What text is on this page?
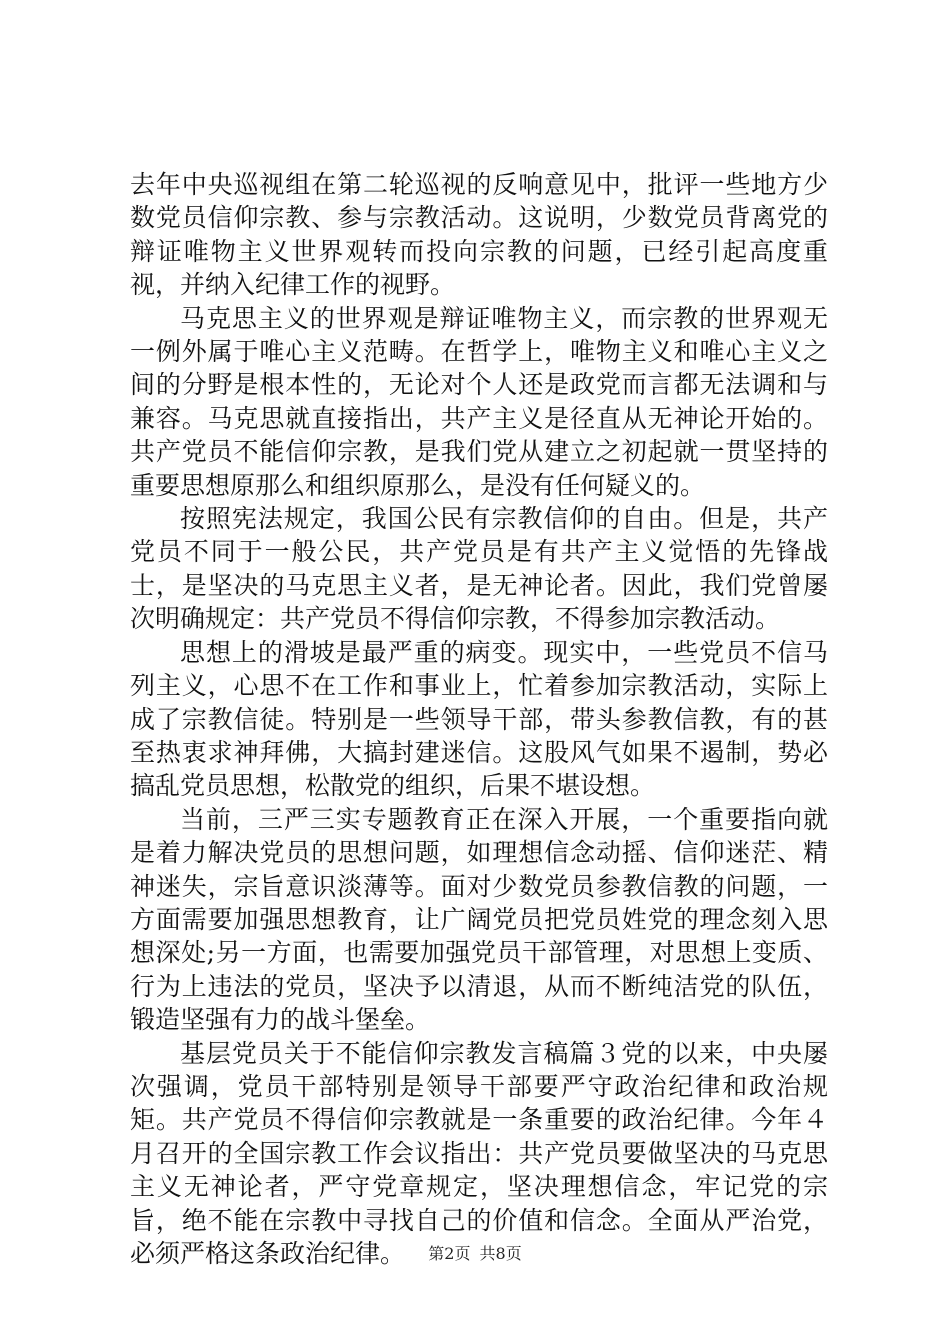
去年中央巡视组在第二轮巡视的反响意见中，批评一些地方少数党员信仰宗教、参与宗教活动。这说明，少数党员背离党的辩证唯物主义世界观转而投向宗教的问题，已经引起高度重视，并纳入纪律工作的视野。

马克思主义的世界观是辩证唯物主义，而宗教的世界观无一例外属于唯心主义范畴。在哲学上，唯物主义和唯心主义之间的分野是根本性的，无论对个人还是政党而言都无法调和与兼容。马克思就直接指出，共产主义是径直从无神论开始的。共产党员不能信仰宗教，是我们党从建立之初起就一贯坚持的重要思想原那么和组织原那么，是没有任何疑义的。

按照宪法规定，我国公民有宗教信仰的自由。但是，共产党员不同于一般公民，共产党员是有共产主义觉悟的先锋战士，是坚决的马克思主义者，是无神论者。因此，我们党曾屡次明确规定：共产党员不得信仰宗教，不得参加宗教活动。

思想上的滑坡是最严重的病变。现实中，一些党员不信马列主义，心思不在工作和事业上，忙着参加宗教活动，实际上成了宗教信徒。特别是一些领导干部，带头参教信教，有的甚至热衷求神拜佛，大搞封建迷信。这股风气如果不遏制，势必搞乱党员思想，松散党的组织，后果不堪设想。

当前，三严三实专题教育正在深入开展，一个重要指向就是着力解决党员的思想问题，如理想信念动摇、信仰迷茫、精神迷失，宗旨意识淡薄等。面对少数党员参教信教的问题，一方面需要加强思想教育，让广阔党员把党员姓党的理念刻入思想深处;另一方面，也需要加强党员干部管理，对思想上变质、行为上违法的党员，坚决予以清退，从而不断纯洁党的队伍，锻造坚强有力的战斗堡垒。

基层党员关于不能信仰宗教发言稿篇３党的以来，中央屡次强调，党员干部特别是领导干部要严守政治纪律和政治规矩。共产党员不得信仰宗教就是一条重要的政治纪律。今年４月召开的全国宗教工作会议指出：共产党员要做坚决的马克思主义无神论者，严守党章规定，坚决理想信念，牢记党的宗旨，绝不能在宗教中寻找自己的价值和信念。全面从严治党，必须严格这条政治纪律。	第2页 共8页
